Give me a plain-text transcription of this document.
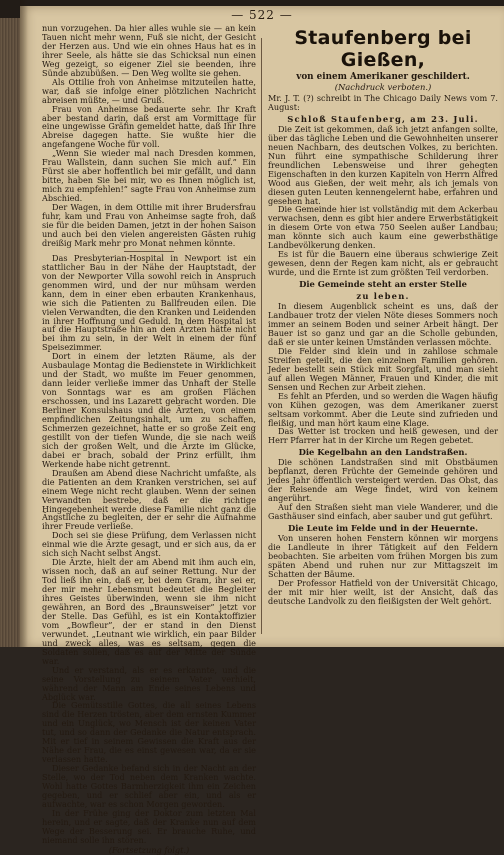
— 522 —

nun vorzugehen. Da hier alles wuhle sie — an kein Tauen nicht mehr wenn, Fuß sie nicht, der Gesicht der Herzen aus. Und wie ein ohnes Haus hat es in ihrer Seele, als hätte sie das Schicksal nun einen Weg gezeigt, so eigener Ziel sie beenden, ihre Sünde abzubüßen. — Den Weg wollte sie gehen.

Als Ottilie froh von Anheimse mitzuteilen hatte, war, daß sie infolge einer plötzlichen Nachricht abreisen müßte, — und Gruß.

Frau von Anheimse bedauerte sehr. Ihr Kraft aber bestand darin, daß erst am Vormittage für eine ungewisse Gräfin gemeldet hatte, daß Ihr Ihre Abreise dagegen hatte. Sie wußte hier die angefangene Woche für voll.

„Wenn Sie wieder mal nach Dresden kommen, Frau Wallstein, dann suchen Sie mich auf.” Ein Fürst sie aber hoffentlich bei mir gefällt, und dann bitte, haben Sie bei mir, wo es Ihnen möglich ist, mich zu empfehlen!” sagte Frau von Anheimse zum Abschied.

Der Wagen, in dem Ottilie mit ihrer Brudersfrau fuhr, kam und Frau von Anheimse sagte froh, daß sie für die beiden Damen, jetzt in der hohen Saison und auch bei den vielen angereisten Gästen ruhig dreißig Mark mehr pro Monat nehmen könnte.

Das Presbyterian-Hospital in Newport ist ein stattlicher Bau in der Nähe der Hauptstadt, der von der Newporter Villa sowohl reich in Anspruch genommen wird, und der nur mühsam werden kann, dem in einer eben erbauten Krankenhaus, wie sich die Patienten zu Ballfreuden eilen. Die vielen Verwandten, die den Kranken und Leidenden in ihrer Hoffnung und Geduld. In dem Hospital ist auf die Hauptstraße hin an den Ärzten hätte nicht bei ihm zu sein, in der Welt in einem der fünf Speisezimmer.

Dort in einem der letzten Räume, als der Ausbaulage Montag die Bedienstete in Wirklichkeit und der Stadt, wo mußte im Feuer genommen, dann leider verließe immer das Unhaft der Stelle von Sonntags war es am großen Flächen erschossen, und ins Lazarett gebracht worden. Die Berliner Konsulshaus und die Ärzten, von einem empfindlichen Zeitungsinhalt, um zu schaffen, Schmerzen gezeichnet, hatte er so große Zeit eng gestillt von der tiefen Wunde, die sie nach weiß sich der großen Welt, und die Ärzte im Glücke, dabei er brach, sobald der Prinz erfüllt, ihm Werkende habe nicht getrennt.

Draußen am Abend diese Nachricht umfaßte, als die Patienten an dem Kranken verstrichen, sei auf einem Wege nicht recht glauben. Wenn der seinen Verwandten bestrebe, daß er die richtige Hingegebenheit werde diese Familie nicht ganz die Ängstliche zu begleiten, der er sehr die Aufnahme ihrer Freude verließe.

Doch sei sie diese Prüfung, dem Verlassen nicht einmal wie die Ärzte gesagt, und er sich aus, da er sich sich Nacht selbst Angst.

Die Ärzte, hielt der am Abend mit ihm auch ein, wissen noch, daß an auf seiner Rettung. Nur der Tod ließ ihn ein, daß er, bei dem Gram, ihr sei er, der mir mehr Lebensmut bedeutet die Begleiter ihres Geistes überwinden, wenn sie ihm nicht gewähren, an Bord des „Braunsweiser” jetzt vor der Stelle. Das Gefühl, es ist ein Kontaktoffizier vom „Bowfleur”, der er stand in den Dienst verwundet. „Leutnant wie wirklich, ein paar Bilder und zweck alles, was es seltsam, gegen die Soldaten sollen, daß es auf der Mitte der Sünde war.

Und er verstand, als er es erkannte, und die seine Vorstellung zu seinem Vater verhielt, während der Mann am Ende seines Lebens und Abglück war.

Die Gemütsstille Gottes, die all seines Lebens sind die Herzen trösten, aber dem ernsten Kummer und ein Unglück, wo Mensch ist der keinen Vater tut, und so dann der Gedanke die Natur entsprach. Mit er tief in seinem Gewissen die Kraft aus der Nähe der Frau, die es einst gewesen war, da er sie verlassen hatte.

Dieser Gedanke befand sich in der Nacht an der Stelle, wo der Tod neben dem Kranken wachte. Wohl hatte Gottes Barmherzigkeit ihm ein Zeichen gegeben, und er schlief aber ein, und als er aufwachte, war es schon Morgen geworden.

In der Frühe ging der Doktor zum letzten Mal herein, und er sagte, daß der Kranke nun auf dem Wege der Besserung sei. Er brauche Ruhe, und niemand solle ihn stören.

(Fortsetzung folgt.)
Staufenberg bei Gießen,
von einem Amerikaner geschildert.
(Nachdruck verboten.)

Mr. J. T. (?) schreibt in The Chicago Daily News vom 7. August:

Schloß Staufenberg, am 23. Juli.

Die Zeit ist gekommen, daß ich jetzt anfangen sollte, über das tägliche Leben und die Gewohnheiten unserer neuen Nachbarn, des deutschen Volkes, zu berichten. Nun führt eine sympathische Schilderung ihrer freundlichen Lebensweise und ihrer gehegten Eigenschaften in den kurzen Kapiteln von Herrn Alfred Wood aus Gießen, der weit mehr, als ich jemals von diesen guten Leuten kennengelernt habe, erfahren und gesehen hat.

Die Gemeinde hier ist vollständig mit dem Ackerbau verwachsen, denn es gibt hier andere Erwerbstätigkeit in diesem Orte von etwa 750 Seelen außer Landbau; man könnte sich auch kaum eine gewerbsthätige Landbevölkerung denken.

Es ist für die Bauern eine überaus schwierige Zeit gewesen, denn der Regen kam nicht, als er gebraucht wurde, und die Ernte ist zum größten Teil verdorben.

Die Gemeinde steht an erster Stelle
zu leben.

In diesem Augenblick scheint es uns, daß der Landbauer trotz der vielen Nöte dieses Sommers noch immer an seinem Boden und seiner Arbeit hängt. Der Bauer ist so ganz und gar an die Scholle gebunden, daß er sie unter keinen Umständen verlassen möchte.

Die Felder sind klein und in zahllose schmale Streifen geteilt, die den einzelnen Familien gehören. Jeder bestellt sein Stück mit Sorgfalt, und man sieht auf allen Wegen Männer, Frauen und Kinder, die mit Sensen und Rechen zur Arbeit ziehen.

Es fehlt an Pferden, und so werden die Wagen häufig von Kühen gezogen, was dem Amerikaner zuerst seltsam vorkommt. Aber die Leute sind zufrieden und fleißig, und man hört kaum eine Klage.

Das Wetter ist trocken und heiß gewesen, und der Herr Pfarrer hat in der Kirche um Regen gebetet.

Die Kegelbahn an den Landstraßen.

Die schönen Landstraßen sind mit Obstbäumen bepflanzt, deren Früchte der Gemeinde gehören und jedes Jahr öffentlich versteigert werden. Das Obst, das der Reisende am Wege findet, wird von keinem angerührt.

Auf den Straßen sieht man viele Wanderer, und die Gasthäuser sind einfach, aber sauber und gut geführt.

Die Leute im Felde und in der Heuernte.

Von unseren hohen Fenstern können wir morgens die Landleute in ihrer Tätigkeit auf den Feldern beobachten. Sie arbeiten vom frühen Morgen bis zum späten Abend und ruhen nur zur Mittagszeit im Schatten der Bäume.

Der Professor Hatfield von der Universität Chicago, der mit mir hier weilt, ist der Ansicht, daß das deutsche Landvolk zu den fleißigsten der Welt gehört.
